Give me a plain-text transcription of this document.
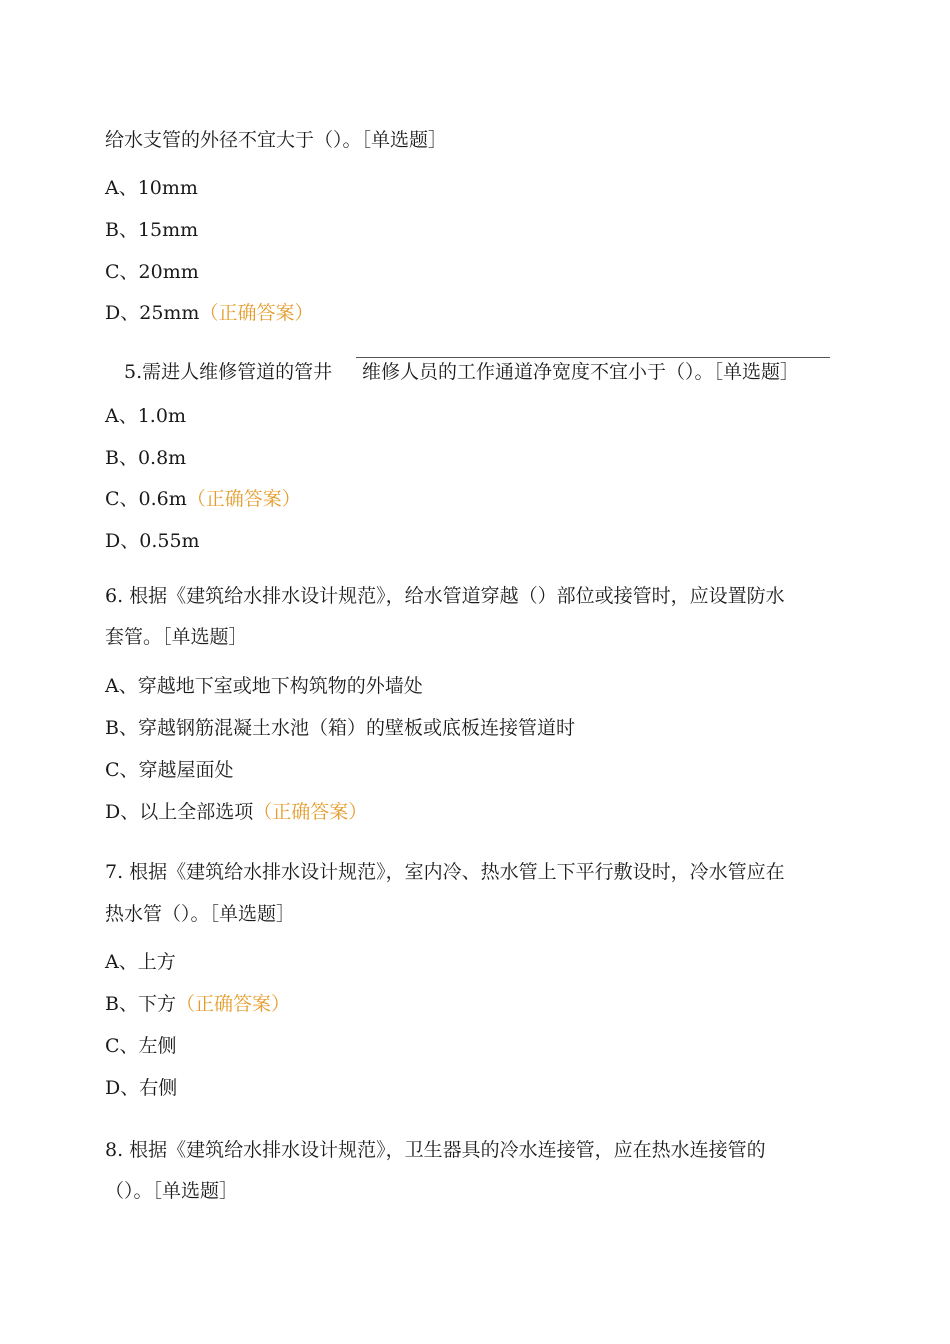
给水支管的外径不宜大于（）。［单选题］
A、10mm
B、15mm
C、20mm
D、25mm（正确答案）
5.需进人维修管道的管井 维修人员的工作通道净宽度不宜小于（）。［单选题］
A、1.0m
B、0.8m
C、0.6m（正确答案）
D、0.55m
6. 根据《建筑给水排水设计规范》，给水管道穿越（）部位或接管时，应设置防水
套管。［单选题］
A、穿越地下室或地下构筑物的外墙处
B、穿越钢筋混凝土水池（箱）的壁板或底板连接管道时
C、穿越屋面处
D、以上全部选项（正确答案）
7. 根据《建筑给水排水设计规范》，室内冷、热水管上下平行敷设时，冷水管应在
热水管（）。［单选题］
A、上方
B、下方（正确答案）
C、左侧
D、右侧
8. 根据《建筑给水排水设计规范》，卫生器具的冷水连接管，应在热水连接管的
（）。［单选题］
